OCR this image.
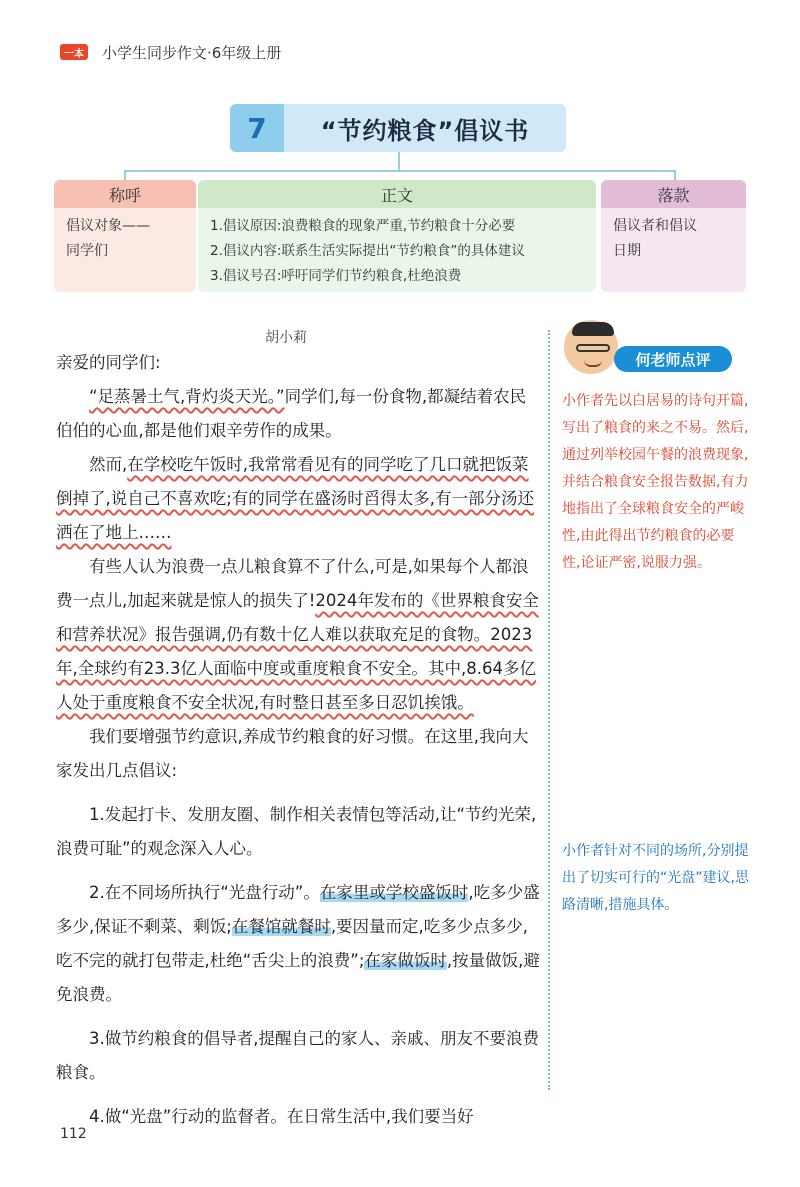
一本 小学生同步作文·6年级上册
7	“节约粮食”倡议书
称呼
倡议对象——
同学们
正文
1.倡议原因:浪费粮食的现象严重,节约粮食十分必要
2.倡议内容:联系生活实际提出“节约粮食”的具体建议
3.倡议号召:呼吁同学们节约粮食,杜绝浪费
落款
倡议者和倡议
日期
胡小莉

亲爱的同学们:

“足蒸暑土气,背灼炎天光。”同学们,每一份食物,都凝结着农民伯伯的心血,都是他们艰辛劳作的成果。

然而,在学校吃午饭时,我常常看见有的同学吃了几口就把饭菜倒掉了,说自己不喜欢吃;有的同学在盛汤时舀得太多,有一部分汤还洒在了地上……

有些人认为浪费一点儿粮食算不了什么,可是,如果每个人都浪费一点儿,加起来就是惊人的损失了!2024年发布的《世界粮食安全和营养状况》报告强调,仍有数十亿人难以获取充足的食物。2023年,全球约有23.3亿人面临中度或重度粮食不安全。其中,8.64多亿人处于重度粮食不安全状况,有时整日甚至多日忍饥挨饿。

我们要增强节约意识,养成节约粮食的好习惯。在这里,我向大家发出几点倡议:

1.发起打卡、发朋友圈、制作相关表情包等活动,让“节约光荣,浪费可耻”的观念深入人心。

2.在不同场所执行“光盘行动”。在家里或学校盛饭时,吃多少盛多少,保证不剩菜、剩饭;在餐馆就餐时,要因量而定,吃多少点多少,吃不完的就打包带走,杜绝“舌尖上的浪费”;在家做饭时,按量做饭,避免浪费。

3.做节约粮食的倡导者,提醒自己的家人、亲戚、朋友不要浪费粮食。

4.做“光盘”行动的监督者。在日常生活中,我们要当好

何老师点评
小作者先以白居易的诗句开篇,写出了粮食的来之不易。然后,通过列举校园午餐的浪费现象,并结合粮食安全报告数据,有力地指出了全球粮食安全的严峻性,由此得出节约粮食的必要性,论证严密,说服力强。
小作者针对不同的场所,分别提出了切实可行的“光盘”建议,思路清晰,措施具体。
112
